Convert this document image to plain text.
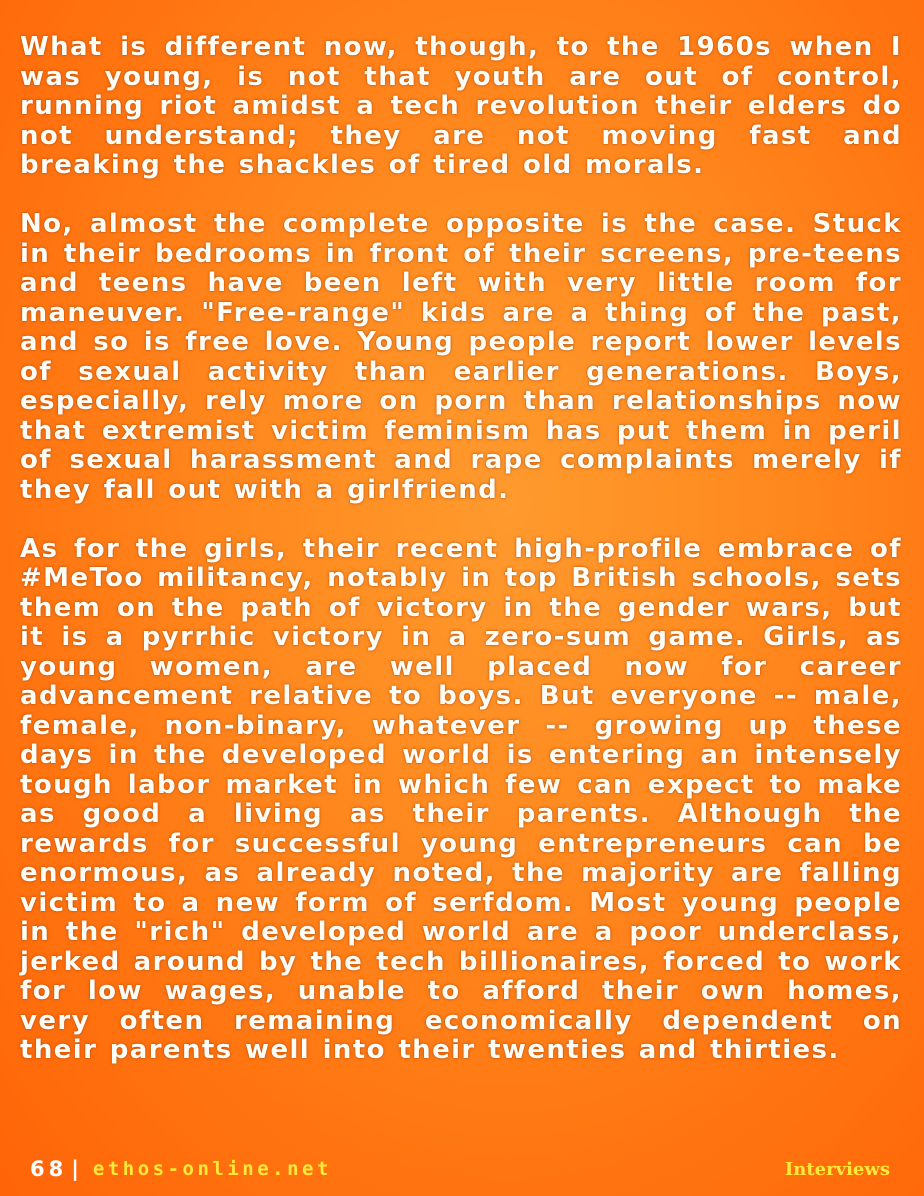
What is different now, though, to the 1960s when I was young, is not that youth are out of control, running riot amidst a tech revolution their elders do not understand; they are not moving fast and breaking the shackles of tired old morals.

No, almost the complete opposite is the case. Stuck in their bedrooms in front of their screens, pre-teens and teens have been left with very little room for maneuver. "Free-range" kids are a thing of the past, and so is free love. Young people report lower levels of sexual activity than earlier generations. Boys, especially, rely more on porn than relationships now that extremist victim feminism has put them in peril of sexual harassment and rape complaints merely if they fall out with a girlfriend.

As for the girls, their recent high-profile embrace of #MeToo militancy, notably in top British schools, sets them on the path of victory in the gender wars, but it is a pyrrhic victory in a zero-sum game. Girls, as young women, are well placed now for career advancement relative to boys. But everyone -- male, female, non-binary, whatever -- growing up these days in the developed world is entering an intensely tough labor market in which few can expect to make as good a living as their parents. Although the rewards for successful young entrepreneurs can be enormous, as already noted, the majority are falling victim to a new form of serfdom. Most young people in the "rich" developed world are a poor underclass, jerked around by the tech billionaires, forced to work for low wages, unable to afford their own homes, very often remaining economically dependent on their parents well into their twenties and thirties.

68 | ethos-online.net	Interviews
